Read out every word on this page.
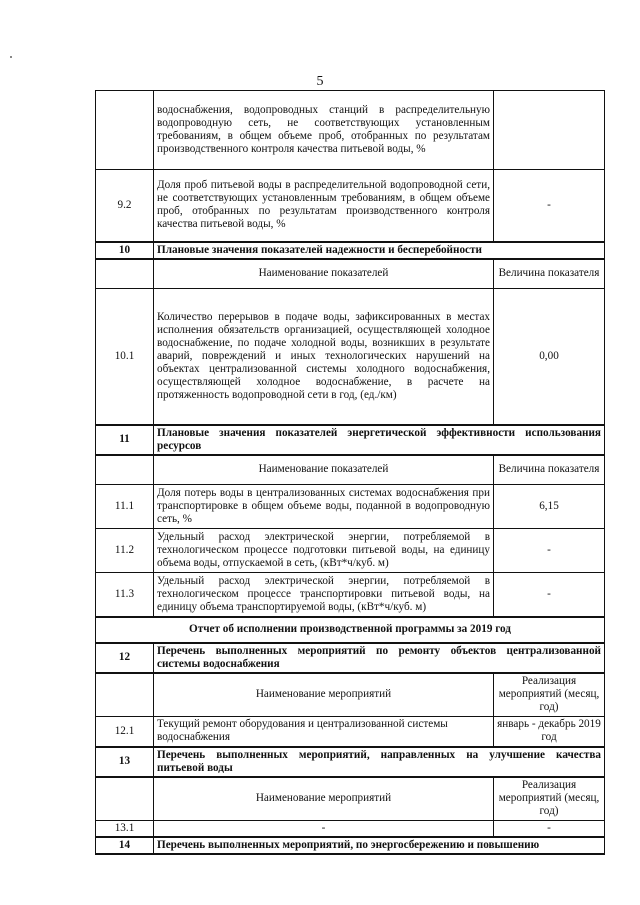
5
	водоснабжения, водопроводных станций в распределительную водопроводную сеть, не соответствующих установленным требованиям, в общем объеме проб, отобранных по результатам производственного контроля качества питьевой воды, %	
9.2	Доля проб питьевой воды в распределительной водопроводной сети, не соответствующих установленным требованиям, в общем объеме проб, отобранных по результатам производственного контроля качества питьевой воды, %	-
10	Плановые значения показателей надежности и бесперебойности	
	Наименование показателей	Величина показателя
10.1	Количество перерывов в подаче воды, зафиксированных в местах исполнения обязательств организацией, осуществляющей холодное водоснабжение, по подаче холодной воды, возникших в результате аварий, повреждений и иных технологических нарушений на объектах централизованной системы холодного водоснабжения, осуществляющей холодное водоснабжение, в расчете на протяженность водопроводной сети в год, (ед./км)	0,00
11	Плановые значения показателей энергетической эффективности использования ресурсов	
	Наименование показателей	Величина показателя
11.1	Доля потерь воды в централизованных системах водоснабжения при транспортировке в общем объеме воды, поданной в водопроводную сеть, %	6,15
11.2	Удельный расход электрической энергии, потребляемой в технологическом процессе подготовки питьевой воды, на единицу объема воды, отпускаемой в сеть, (кВт*ч/куб. м)	-
11.3	Удельный расход электрической энергии, потребляемой в технологическом процессе транспортировки питьевой воды, на единицу объема транспортируемой воды, (кВт*ч/куб. м)	-
Отчет об исполнении производственной программы за 2019 год		
12	Перечень выполненных мероприятий по ремонту объектов централизованной системы водоснабжения	
	Наименование мероприятий	Реализация мероприятий (месяц, год)
12.1	Текущий ремонт оборудования и централизованной системы водоснабжения	январь - декабрь 2019 год
13	Перечень выполненных мероприятий, направленных на улучшение качества питьевой воды	
	Наименование мероприятий	Реализация мероприятий (месяц, год)
13.1	-	-
14	Перечень выполненных мероприятий, по энергосбережению и повышению	
